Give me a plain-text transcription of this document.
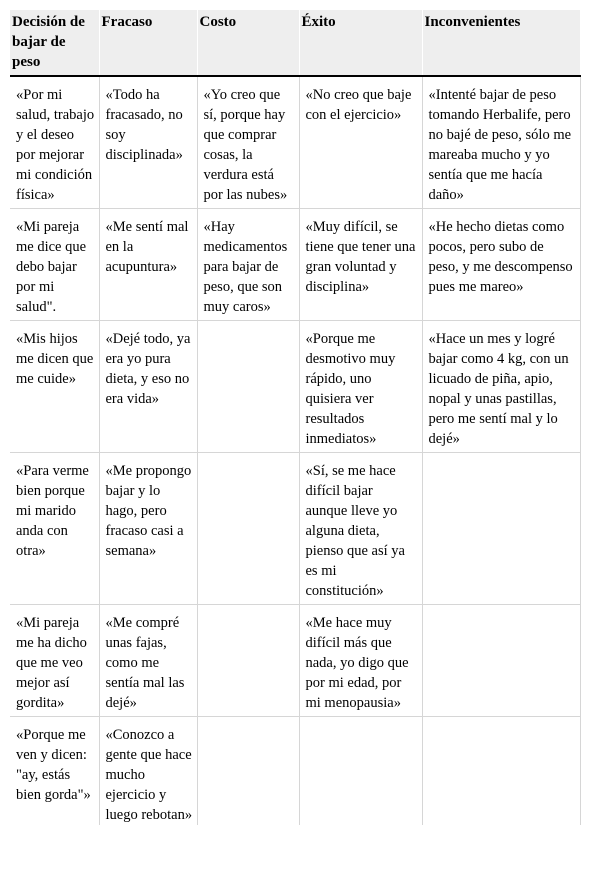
Decisión de bajar de peso	Fracaso	Costo	Éxito	Inconvenientes
«Por mi salud, trabajo y el deseo por mejorar mi condición física»	«Todo ha fracasado, no soy disciplinada»	«Yo creo que sí, porque hay que comprar cosas, la verdura está por las nubes»	«No creo que baje con el ejercicio»	«Intenté bajar de peso tomando Herbalife, pero no bajé de peso, sólo me mareaba mucho y yo sentía que me hacía daño»
«Mi pareja me dice que debo bajar por mi salud".	«Me sentí mal en la acupuntura»	«Hay medicamentos para bajar de peso, que son muy caros»	«Muy difícil, se tiene que tener una gran voluntad y disciplina»	«He hecho dietas como pocos, pero subo de peso, y me descompenso pues me mareo»
«Mis hijos me dicen que me cuide»	«Dejé todo, ya era yo pura dieta, y eso no era vida»		«Porque me desmotivo muy rápido, uno quisiera ver resultados inmediatos»	«Hace un mes y logré bajar como 4 kg, con un licuado de piña, apio, nopal y unas pastillas, pero me sentí mal y lo dejé»
«Para verme bien porque mi marido anda con otra»	«Me propongo bajar y lo hago, pero fracaso casi a semana»		«Sí, se me hace difícil bajar aunque lleve yo alguna dieta, pienso que así ya es mi constitución»	
«Mi pareja me ha dicho que me veo mejor así gordita»	«Me compré unas fajas, como me sentía mal las dejé»		«Me hace muy difícil más que nada, yo digo que por mi edad, por mi menopausia»	
«Porque me ven y dicen: "ay, estás bien gorda"»	«Conozco a gente que hace mucho ejercicio y luego rebotan»			
